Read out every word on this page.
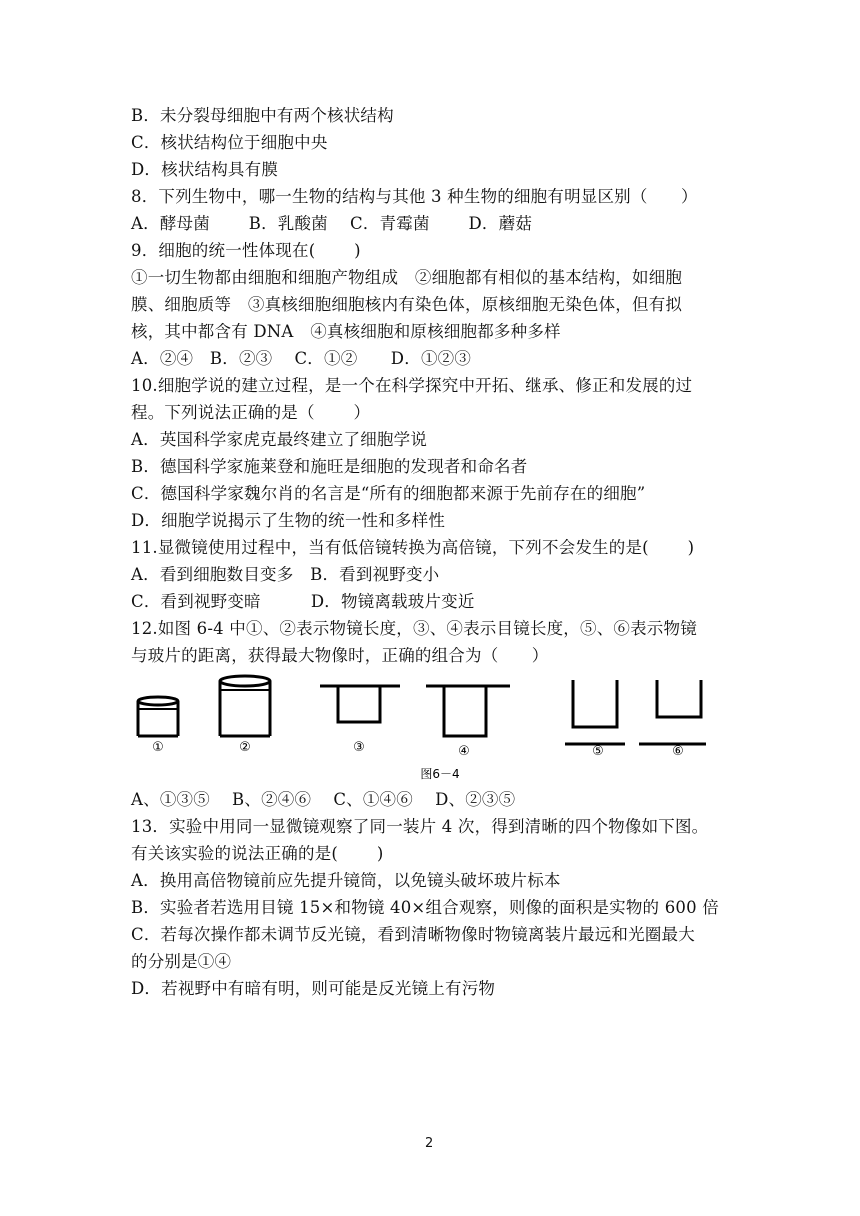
B．未分裂母细胞中有两个核状结构
C．核状结构位于细胞中央
D．核状结构具有膜
8．下列生物中，哪一生物的结构与其他 3 种生物的细胞有明显区别（　　）
A．酵母菌　　 B．乳酸菌　 C．青霉菌　　 D．蘑菇
9．细胞的统一性体现在(　　 )
①一切生物都由细胞和细胞产物组成　②细胞都有相似的基本结构，如细胞
膜、细胞质等　③真核细胞细胞核内有染色体，原核细胞无染色体，但有拟
核，其中都含有 DNA　④真核细胞和原核细胞都多种多样
A．②④　B．②③　 C．①②　　D．①②③
10.细胞学说的建立过程，是一个在科学探究中开拓、继承、修正和发展的过
程。下列说法正确的是（　　 ）
A．英国科学家虎克最终建立了细胞学说
B．德国科学家施莱登和施旺是细胞的发现者和命名者
C．德国科学家魏尔肖的名言是“所有的细胞都来源于先前存在的细胞”
D．细胞学说揭示了生物的统一性和多样性
11.显微镜使用过程中，当有低倍镜转换为高倍镜，下列不会发生的是(　　 )
A．看到细胞数目变多　B．看到视野变小
C．看到视野变暗　　　D．物镜离载玻片变近
12.如图 6-4 中①、②表示物镜长度，③、④表示目镜长度，⑤、⑥表示物镜
与玻片的距离，获得最大物像时，正确的组合为（　　）
①	②	③	④	⑤	⑥
图6－4
A、①③⑤　 B、②④⑥　 C、①④⑥　 D、②③⑤
13．实验中用同一显微镜观察了同一装片 4 次，得到清晰的四个物像如下图。
有关该实验的说法正确的是(　　 )
A．换用高倍物镜前应先提升镜筒，以免镜头破坏玻片标本
B．实验者若选用目镜 15×和物镜 40×组合观察，则像的面积是实物的 600 倍
C．若每次操作都未调节反光镜，看到清晰物像时物镜离装片最远和光圈最大
的分别是①④
D．若视野中有暗有明，则可能是反光镜上有污物
2
